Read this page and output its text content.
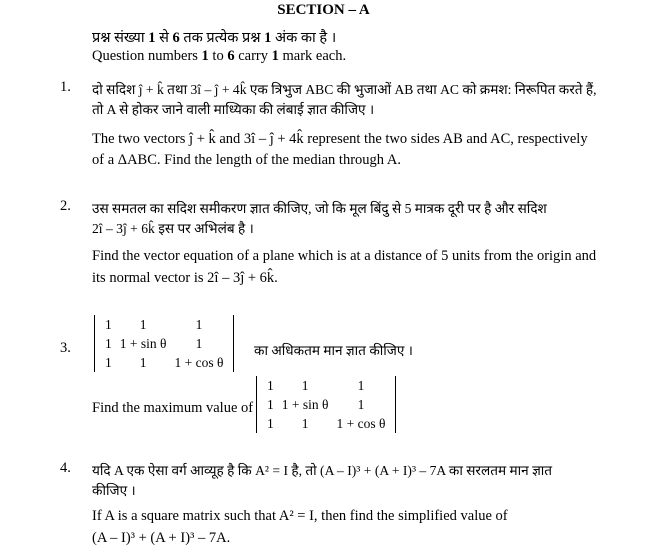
SECTION – A
प्रश्न संख्या 1 से 6 तक प्रत्येक प्रश्न 1 अंक का है ।
Question numbers 1 to 6 carry 1 mark each.
1. दो सदिश ĵ + k̂ तथा 3î – ĵ + 4k̂ एक त्रिभुज ABC की भुजाओं AB तथा AC को क्रमश: निरूपित करते हैं,
तो A से होकर जाने वाली माध्यिका की लंबाई ज्ञात कीजिए ।
The two vectors ĵ + k̂ and 3î – ĵ + 4k̂ represent the two sides AB and AC, respectively
of a ΔABC. Find the length of the median through A.
2. उस समतल का सदिश समीकरण ज्ञात कीजिए, जो कि मूल बिंदु से 5 मात्रक दूरी पर है और सदिश
2î – 3ĵ + 6k̂ इस पर अभिलंब है ।
Find the vector equation of a plane which is at a distance of 5 units from the origin and
its normal vector is 2î – 3ĵ + 6k̂.
3.
1	1	1
1	1 + sin θ	1
1	1	1 + cos θ
का अधिकतम मान ज्ञात कीजिए ।
Find the maximum value of
1	1	1
1	1 + sin θ	1
1	1	1 + cos θ
4. यदि A एक ऐसा वर्ग आव्यूह है कि A² = I है, तो (A – I)³ + (A + I)³ – 7A का सरलतम मान ज्ञात
कीजिए ।
If A is a square matrix such that A² = I, then find the simplified value of
(A – I)³ + (A + I)³ – 7A.
